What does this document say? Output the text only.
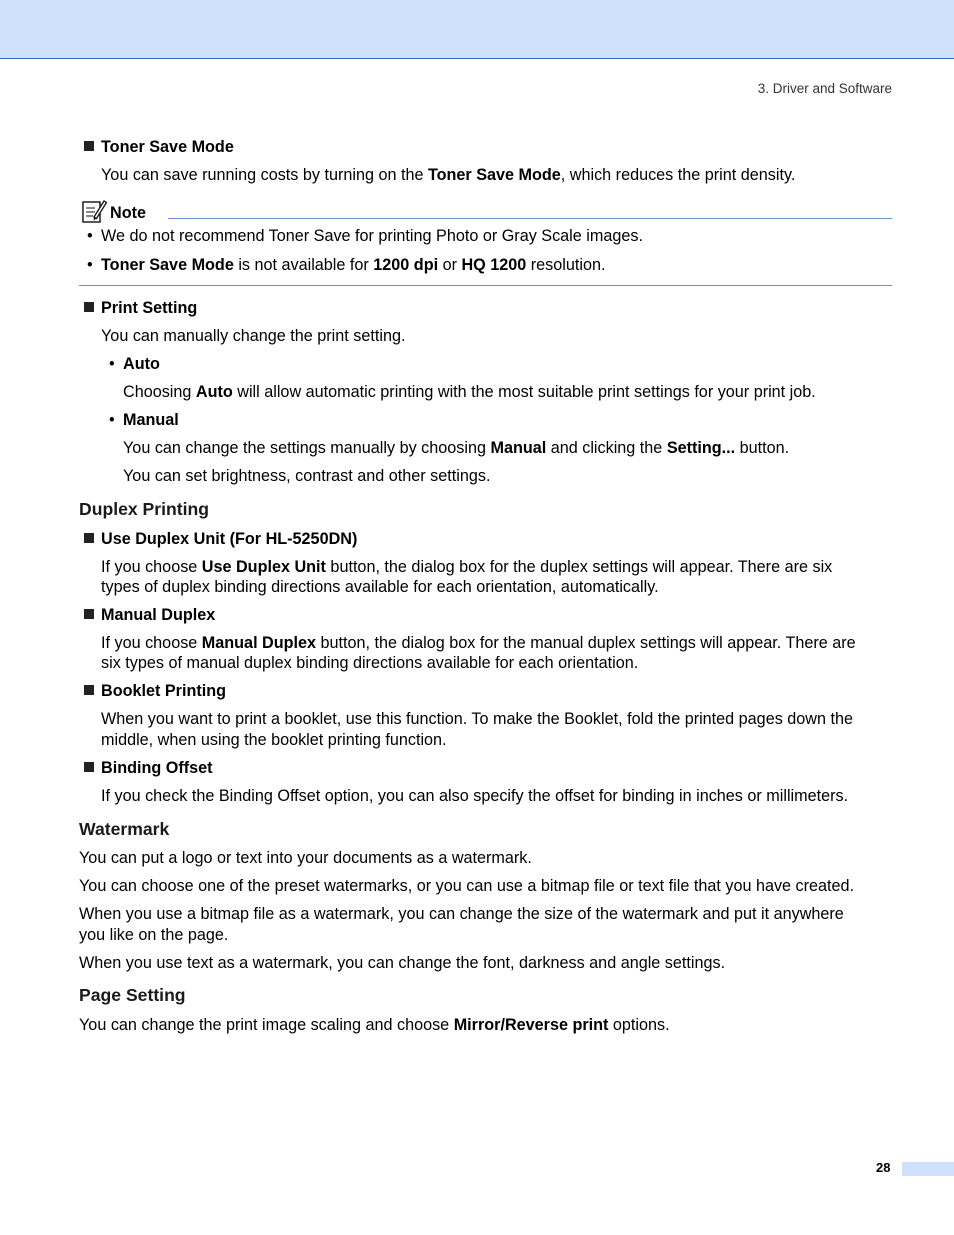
3. Driver and Software
Toner Save Mode
You can save running costs by turning on the Toner Save Mode, which reduces the print density.
Note
• We do not recommend Toner Save for printing Photo or Gray Scale images.
• Toner Save Mode is not available for 1200 dpi or HQ 1200 resolution.
Print Setting
You can manually change the print setting.
• Auto
Choosing Auto will allow automatic printing with the most suitable print settings for your print job.
• Manual
You can change the settings manually by choosing Manual and clicking the Setting... button.
You can set brightness, contrast and other settings.
Duplex Printing
Use Duplex Unit (For HL-5250DN)
If you choose Use Duplex Unit button, the dialog box for the duplex settings will appear. There are six
types of duplex binding directions available for each orientation, automatically.
Manual Duplex
If you choose Manual Duplex button, the dialog box for the manual duplex settings will appear. There are
six types of manual duplex binding directions available for each orientation.
Booklet Printing
When you want to print a booklet, use this function. To make the Booklet, fold the printed pages down the
middle, when using the booklet printing function.
Binding Offset
If you check the Binding Offset option, you can also specify the offset for binding in inches or millimeters.
Watermark
You can put a logo or text into your documents as a watermark.
You can choose one of the preset watermarks, or you can use a bitmap file or text file that you have created.
When you use a bitmap file as a watermark, you can change the size of the watermark and put it anywhere
you like on the page.
When you use text as a watermark, you can change the font, darkness and angle settings.
Page Setting
You can change the print image scaling and choose Mirror/Reverse print options.
28
